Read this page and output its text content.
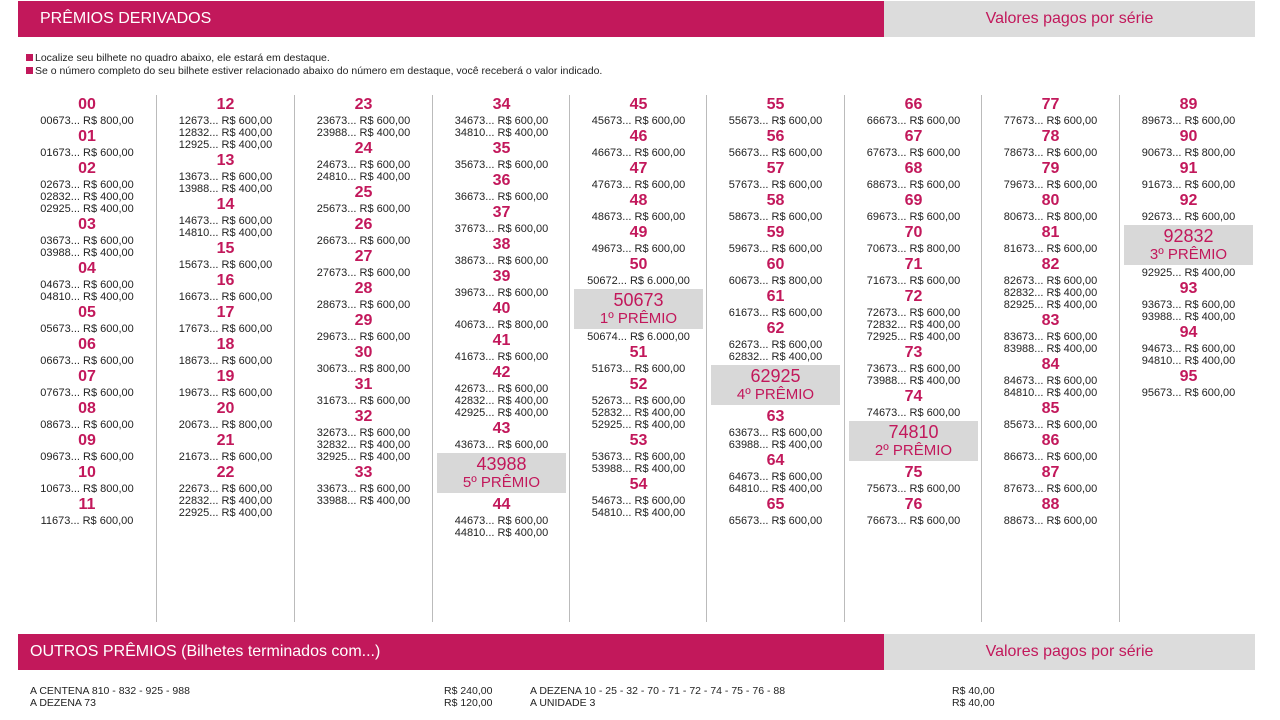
PRÊMIOS DERIVADOS	Valores pagos por série
Localize seu bilhete no quadro abaixo, ele estará em destaque.
Se o número completo do seu bilhete estiver relacionado abaixo do número em destaque, você receberá o valor indicado.
00
00673... R$ 800,00
01
01673... R$ 600,00
02
02673... R$ 600,00
02832... R$ 400,00
02925... R$ 400,00
03
03673... R$ 600,00
03988... R$ 400,00
04
04673... R$ 600,00
04810... R$ 400,00
05
05673... R$ 600,00
06
06673... R$ 600,00
07
07673... R$ 600,00
08
08673... R$ 600,00
09
09673... R$ 600,00
10
10673... R$ 800,00
11
11673... R$ 600,00
12
12673... R$ 600,00
12832... R$ 400,00
12925... R$ 400,00
13
13673... R$ 600,00
13988... R$ 400,00
14
14673... R$ 600,00
14810... R$ 400,00
15
15673... R$ 600,00
16
16673... R$ 600,00
17
17673... R$ 600,00
18
18673... R$ 600,00
19
19673... R$ 600,00
20
20673... R$ 800,00
21
21673... R$ 600,00
22
22673... R$ 600,00
22832... R$ 400,00
22925... R$ 400,00
23
23673... R$ 600,00
23988... R$ 400,00
24
24673... R$ 600,00
24810... R$ 400,00
25
25673... R$ 600,00
26
26673... R$ 600,00
27
27673... R$ 600,00
28
28673... R$ 600,00
29
29673... R$ 600,00
30
30673... R$ 800,00
31
31673... R$ 600,00
32
32673... R$ 600,00
32832... R$ 400,00
32925... R$ 400,00
33
33673... R$ 600,00
33988... R$ 400,00
34
34673... R$ 600,00
34810... R$ 400,00
35
35673... R$ 600,00
36
36673... R$ 600,00
37
37673... R$ 600,00
38
38673... R$ 600,00
39
39673... R$ 600,00
40
40673... R$ 800,00
41
41673... R$ 600,00
42
42673... R$ 600,00
42832... R$ 400,00
42925... R$ 400,00
43
43673... R$ 600,00
43988
5º PRÊMIO
44
44673... R$ 600,00
44810... R$ 400,00
45
45673... R$ 600,00
46
46673... R$ 600,00
47
47673... R$ 600,00
48
48673... R$ 600,00
49
49673... R$ 600,00
50
50672... R$ 6.000,00
50673
1º PRÊMIO
50674... R$ 6.000,00
51
51673... R$ 600,00
52
52673... R$ 600,00
52832... R$ 400,00
52925... R$ 400,00
53
53673... R$ 600,00
53988... R$ 400,00
54
54673... R$ 600,00
54810... R$ 400,00
55
55673... R$ 600,00
56
56673... R$ 600,00
57
57673... R$ 600,00
58
58673... R$ 600,00
59
59673... R$ 600,00
60
60673... R$ 800,00
61
61673... R$ 600,00
62
62673... R$ 600,00
62832... R$ 400,00
62925
4º PRÊMIO
63
63673... R$ 600,00
63988... R$ 400,00
64
64673... R$ 600,00
64810... R$ 400,00
65
65673... R$ 600,00
66
66673... R$ 600,00
67
67673... R$ 600,00
68
68673... R$ 600,00
69
69673... R$ 600,00
70
70673... R$ 800,00
71
71673... R$ 600,00
72
72673... R$ 600,00
72832... R$ 400,00
72925... R$ 400,00
73
73673... R$ 600,00
73988... R$ 400,00
74
74673... R$ 600,00
74810
2º PRÊMIO
75
75673... R$ 600,00
76
76673... R$ 600,00
77
77673... R$ 600,00
78
78673... R$ 600,00
79
79673... R$ 600,00
80
80673... R$ 800,00
81
81673... R$ 600,00
82
82673... R$ 600,00
82832... R$ 400,00
82925... R$ 400,00
83
83673... R$ 600,00
83988... R$ 400,00
84
84673... R$ 600,00
84810... R$ 400,00
85
85673... R$ 600,00
86
86673... R$ 600,00
87
87673... R$ 600,00
88
88673... R$ 600,00
89
89673... R$ 600,00
90
90673... R$ 800,00
91
91673... R$ 600,00
92
92673... R$ 600,00
92832
3º PRÊMIO
92925... R$ 400,00
93
93673... R$ 600,00
93988... R$ 400,00
94
94673... R$ 600,00
94810... R$ 400,00
95
95673... R$ 600,00
OUTROS PRÊMIOS (Bilhetes terminados com...)	Valores pagos por série
A CENTENA 810 - 832 - 925 - 988
A DEZENA 73
R$ 240,00
R$ 120,00
A DEZENA 10 - 25 - 32 - 70 - 71 - 72 - 74 - 75 - 76 - 88
A UNIDADE 3
R$ 40,00
R$ 40,00
